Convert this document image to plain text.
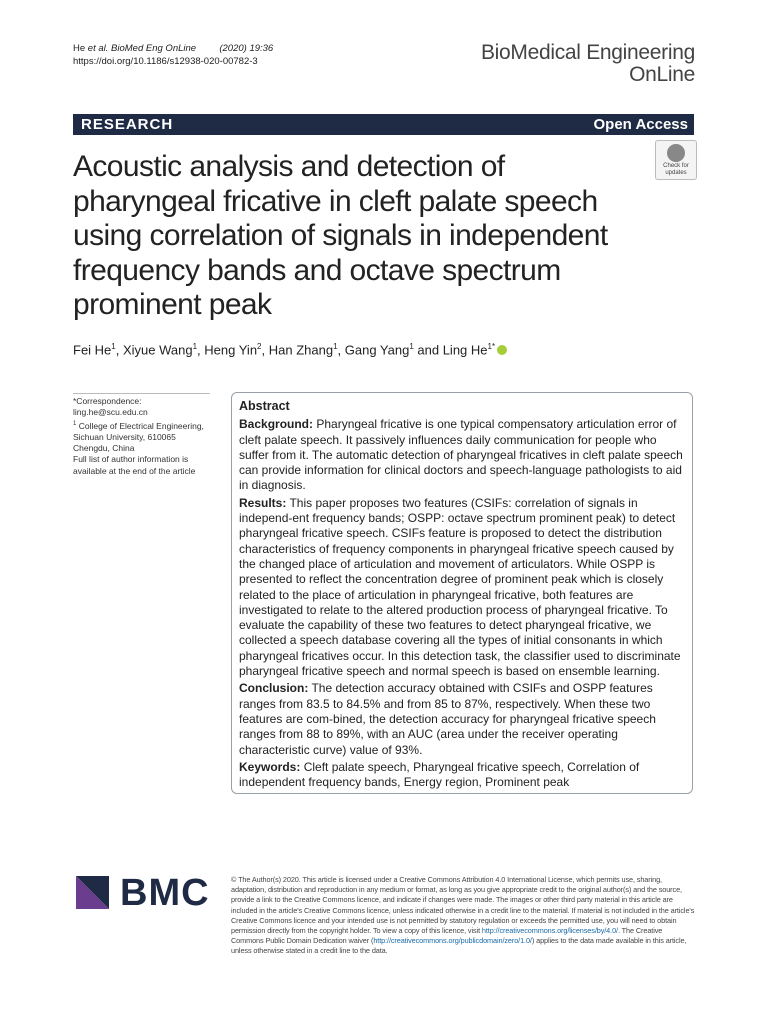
He et al. BioMed Eng OnLine (2020) 19:36
https://doi.org/10.1186/s12938-020-00782-3	BioMedical Engineering
OnLine
RESEARCH	Open Access
Check for
updates
Acoustic analysis and detection of pharyngeal fricative in cleft palate speech using correlation of signals in independent frequency bands and octave spectrum prominent peak
Fei He$^1$, Xiyue Wang$^1$, Heng Yin$^2$, Han Zhang$^1$, Gang Yang$^1$ and Ling $He^{1*}$

*Correspondence:

ling.he@scu.edu.cn

$^1$ College of Electrical Engineering, Sichuan University, 610065 Chengdu, China

Full list of author information is available at the end of the article

Abstract

Background: Pharyngeal fricative is one typical compensatory articulation error of cleft palate speech. It passively influences daily communication for people who suffer from it. The automatic detection of pharyngeal fricatives in cleft palate speech can provide information for clinical doctors and speech-language pathologists to aid in diagnosis.

Results: This paper proposes two features (CSIFs: correlation of signals in independ-ent frequency bands; OSPP: octave spectrum prominent peak) to detect pharyngeal fricative speech. CSIFs feature is proposed to detect the distribution characteristics of frequency components in pharyngeal fricative speech caused by the changed place of articulation and movement of articulators. While OSPP is presented to reflect the concentration degree of prominent peak which is closely related to the place of articulation in pharyngeal fricative, both features are investigated to relate to the altered production process of pharyngeal fricative. To evaluate the capability of these two features to detect pharyngeal fricative, we collected a speech database covering all the types of initial consonants in which pharyngeal fricatives occur. In this detection task, the classifier used to discriminate pharyngeal fricative speech and normal speech is based on ensemble learning.

Conclusion: The detection accuracy obtained with CSIFs and OSPP features ranges from 83.5 to 84.5% and from 85 to 87%, respectively. When these two features are com-bined, the detection accuracy for pharyngeal fricative speech ranges from 88 to 89%, with an AUC (area under the receiver operating characteristic curve) value of 93%.

Keywords: Cleft palate speech, Pharyngeal fricative speech, Correlation of independent frequency bands, Energy region, Prominent peak

BMC	© The Author(s) 2020. This article is licensed under a Creative Commons Attribution 4.0 International License, which permits use, sharing, adaptation, distribution and reproduction in any medium or format, as long as you give appropriate credit to the original author(s) and the source, provide a link to the Creative Commons licence, and indicate if changes were made. The images or other third party material in this article are included in the article's Creative Commons licence, unless indicated otherwise in a credit line to the material. If material is not included in the article's Creative Commons licence and your intended use is not permitted by statutory regulation or exceeds the permitted use, you will need to obtain permission directly from the copyright holder. To view a copy of this licence, visit http://creativecommons.org/licenses/by/4.0/. The Creative Commons Public Domain Dedication waiver (http://creativecommons.org/publicdomain/zero/1.0/) applies to the data made available in this article, unless otherwise stated in a credit line to the data.
